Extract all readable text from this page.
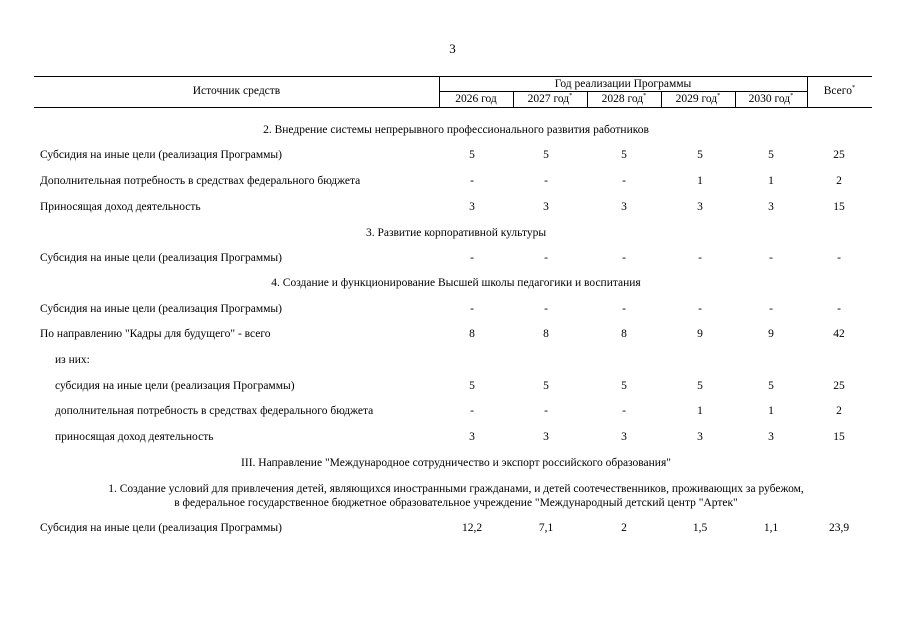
3
Источник средств
Год реализации Программы
Всего*
2026 год	2027 год*	2028 год*	2029 год*	2030 год*
2. Внедрение системы непрерывного профессионального развития работников
Субсидия на иные цели (реализация Программы)	5	5	5	5	5	25
Дополнительная потребность в средствах федерального бюджета	-	-	-	1	1	2
Приносящая доход деятельность	3	3	3	3	3	15
3. Развитие корпоративной культуры
Субсидия на иные цели (реализация Программы)	-	-	-	-	-	-
4. Создание и функционирование Высшей школы педагогики и воспитания
Субсидия на иные цели (реализация Программы)	-	-	-	-	-	-
По направлению "Кадры для будущего" - всего	8	8	8	9	9	42
из них:
субсидия на иные цели (реализация Программы)	5	5	5	5	5	25
дополнительная потребность в средствах федерального бюджета	-	-	-	1	1	2
приносящая доход деятельность	3	3	3	3	3	15
III. Направление "Международное сотрудничество и экспорт российского образования"
1. Создание условий для привлечения детей, являющихся иностранными гражданами, и детей соотечественников, проживающих за рубежом,
в федеральное государственное бюджетное образовательное учреждение "Международный детский центр "Артек"
Субсидия на иные цели (реализация Программы)	12,2	7,1	2	1,5	1,1	23,9
